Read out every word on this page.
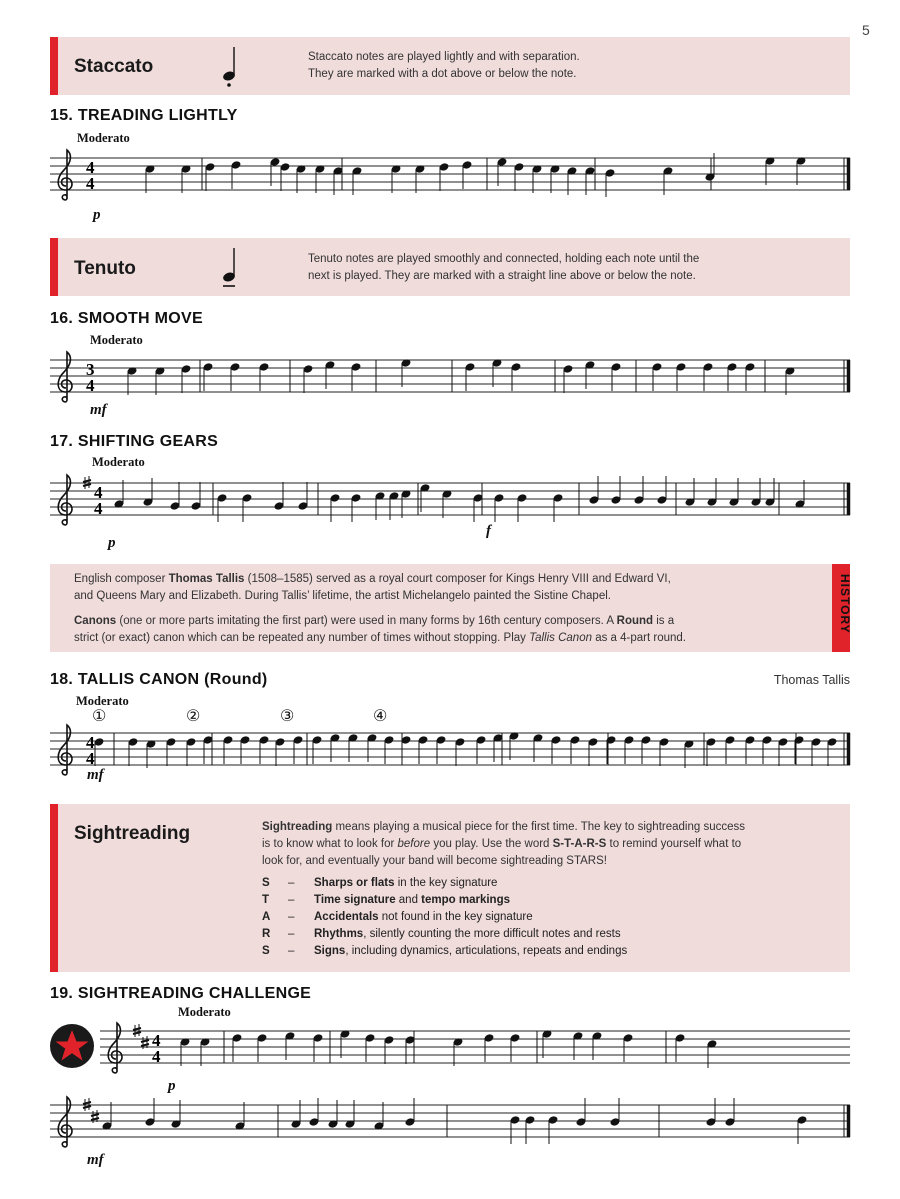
5
Staccato	Staccato notes are played lightly and with separation.
They are marked with a dot above or below the note.
15. TREADING LIGHTLY
Moderato
p
4
4
Tenuto	Tenuto notes are played smoothly and connected, holding each note until the
next is played. They are marked with a straight line above or below the note.
16. SMOOTH MOVE
Moderato
mf
3
4
17. SHIFTING GEARS
Moderato
p
f
4
4
HISTORY

English composer Thomas Tallis (1508–1585) served as a royal court composer for Kings Henry VIII and Edward VI,
and Queens Mary and Elizabeth. During Tallis’ lifetime, the artist Michelangelo painted the Sistine Chapel.

Canons (one or more parts imitating the first part) were used in many forms by 16th century composers. A Round is a
strict (or exact) canon which can be repeated any number of times without stopping. Play Tallis Canon as a 4-part round.

18. TALLIS CANON (Round)	Thomas Tallis
Moderato
①	②	③	④
mf
4
4
Sightreading	Sightreading means playing a musical piece for the first time. The key to sightreading success
is to know what to look for before you play. Use the word S-T-A-R-S to remind yourself what to
look for, and eventually your band will become sightreading STARS!
S	–	Sharps or flats in the key signature
T	–	Time signature and tempo markings
A	–	Accidentals not found in the key signature
R	–	Rhythms, silently counting the more difficult notes and rests
S	–	Signs, including dynamics, articulations, repeats and endings
19. SIGHTREADING CHALLENGE
Moderato
p
mf
4
4
